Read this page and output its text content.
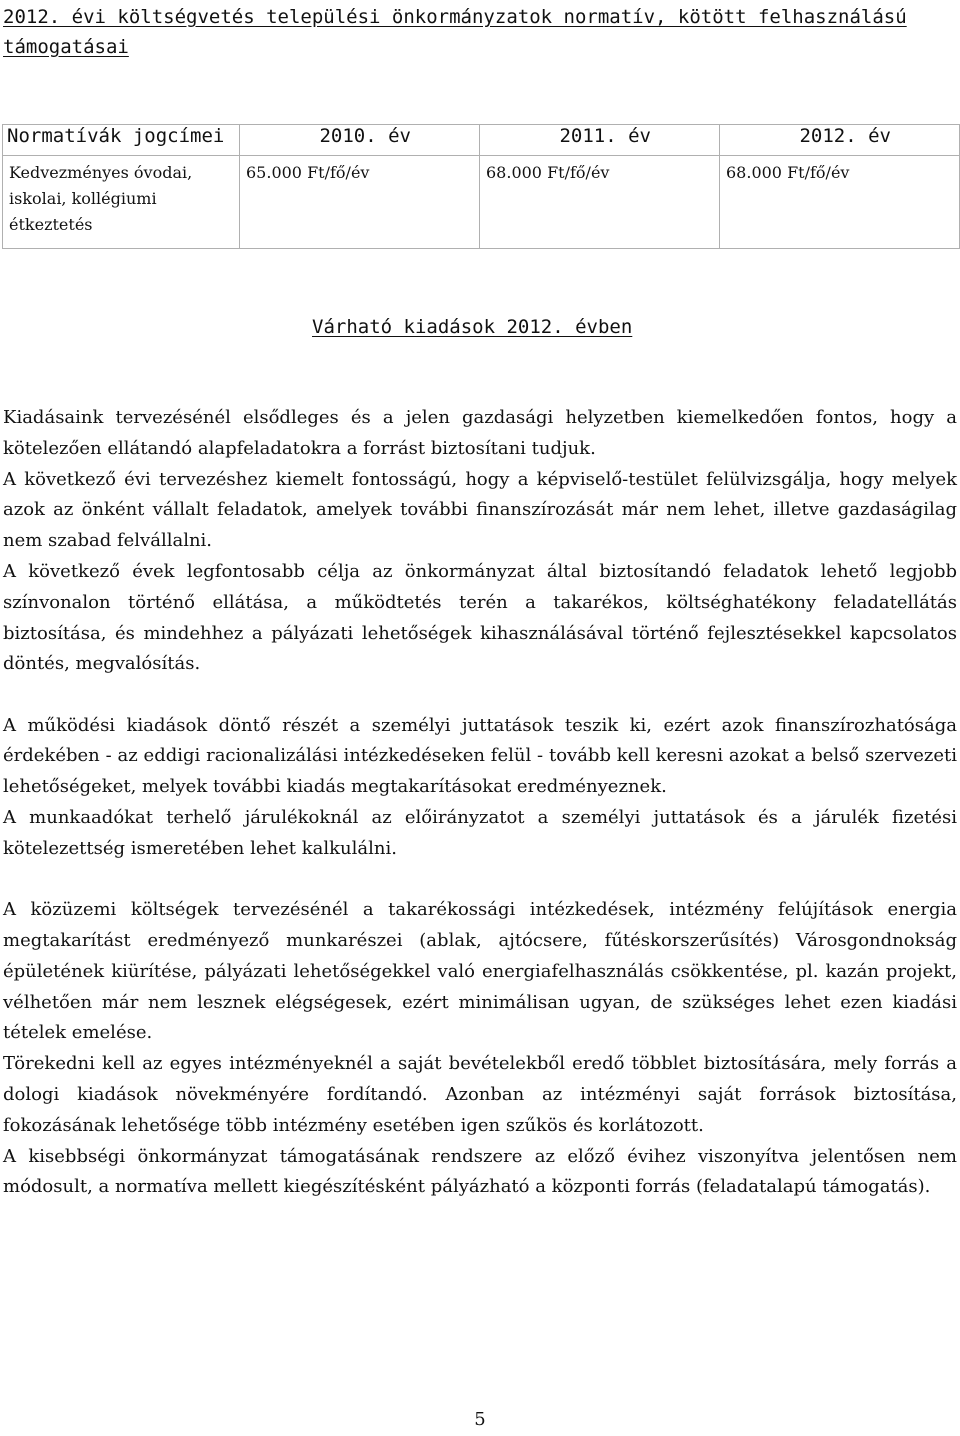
2012. évi költségvetés települési önkormányzatok normatív, kötött felhasználású támogatásai
Normatívák jogcímei	2010. év	2011. év	2012. év
Kedvezményes óvodai, iskolai, kollégiumi étkeztetés	65.000 Ft/fő/év	68.000 Ft/fő/év	68.000 Ft/fő/év
Várható kiadások 2012. évben

Kiadásaink tervezésénél elsődleges és a jelen gazdasági helyzetben kiemelkedően fontos, hogy a kötelezően ellátandó alapfeladatokra a forrást biztosítani tudjuk.

A következő évi tervezéshez kiemelt fontosságú, hogy a képviselő-testület felülvizsgálja, hogy melyek azok az önként vállalt feladatok, amelyek további finanszírozását már nem lehet, illetve gazdaságilag nem szabad felvállalni.

A következő évek legfontosabb célja az önkormányzat által biztosítandó feladatok lehető legjobb színvonalon történő ellátása, a működtetés terén a takarékos, költséghatékony feladatellátás biztosítása, és mindehhez a pályázati lehetőségek kihasználásával történő fejlesztésekkel kapcsolatos döntés, megvalósítás.

A működési kiadások döntő részét a személyi juttatások teszik ki, ezért azok finanszírozhatósága érdekében - az eddigi racionalizálási intézkedéseken felül - tovább kell keresni azokat a belső szervezeti lehetőségeket, melyek további kiadás megtakarításokat eredményeznek.

A munkaadókat terhelő járulékoknál az előirányzatot a személyi juttatások és a járulék fizetési kötelezettség ismeretében lehet kalkulálni.

A közüzemi költségek tervezésénél a takarékossági intézkedések, intézmény felújítások energia megtakarítást eredményező munkarészei (ablak, ajtócsere, fűtéskorszerűsítés) Városgondnokság épületének kiürítése, pályázati lehetőségekkel való energiafelhasználás csökkentése, pl. kazán projekt, vélhetően már nem lesznek elégségesek, ezért minimálisan ugyan, de szükséges lehet ezen kiadási tételek emelése.

Törekedni kell az egyes intézményeknél a saját bevételekből eredő többlet biztosítására, mely forrás a dologi kiadások növekményére fordítandó. Azonban az intézményi saját források biztosítása, fokozásának lehetősége több intézmény esetében igen szűkös és korlátozott.

A kisebbségi önkormányzat támogatásának rendszere az előző évihez viszonyítva jelentősen nem módosult, a normatíva mellett kiegészítésként pályázható a központi forrás (feladatalapú támogatás).

5
